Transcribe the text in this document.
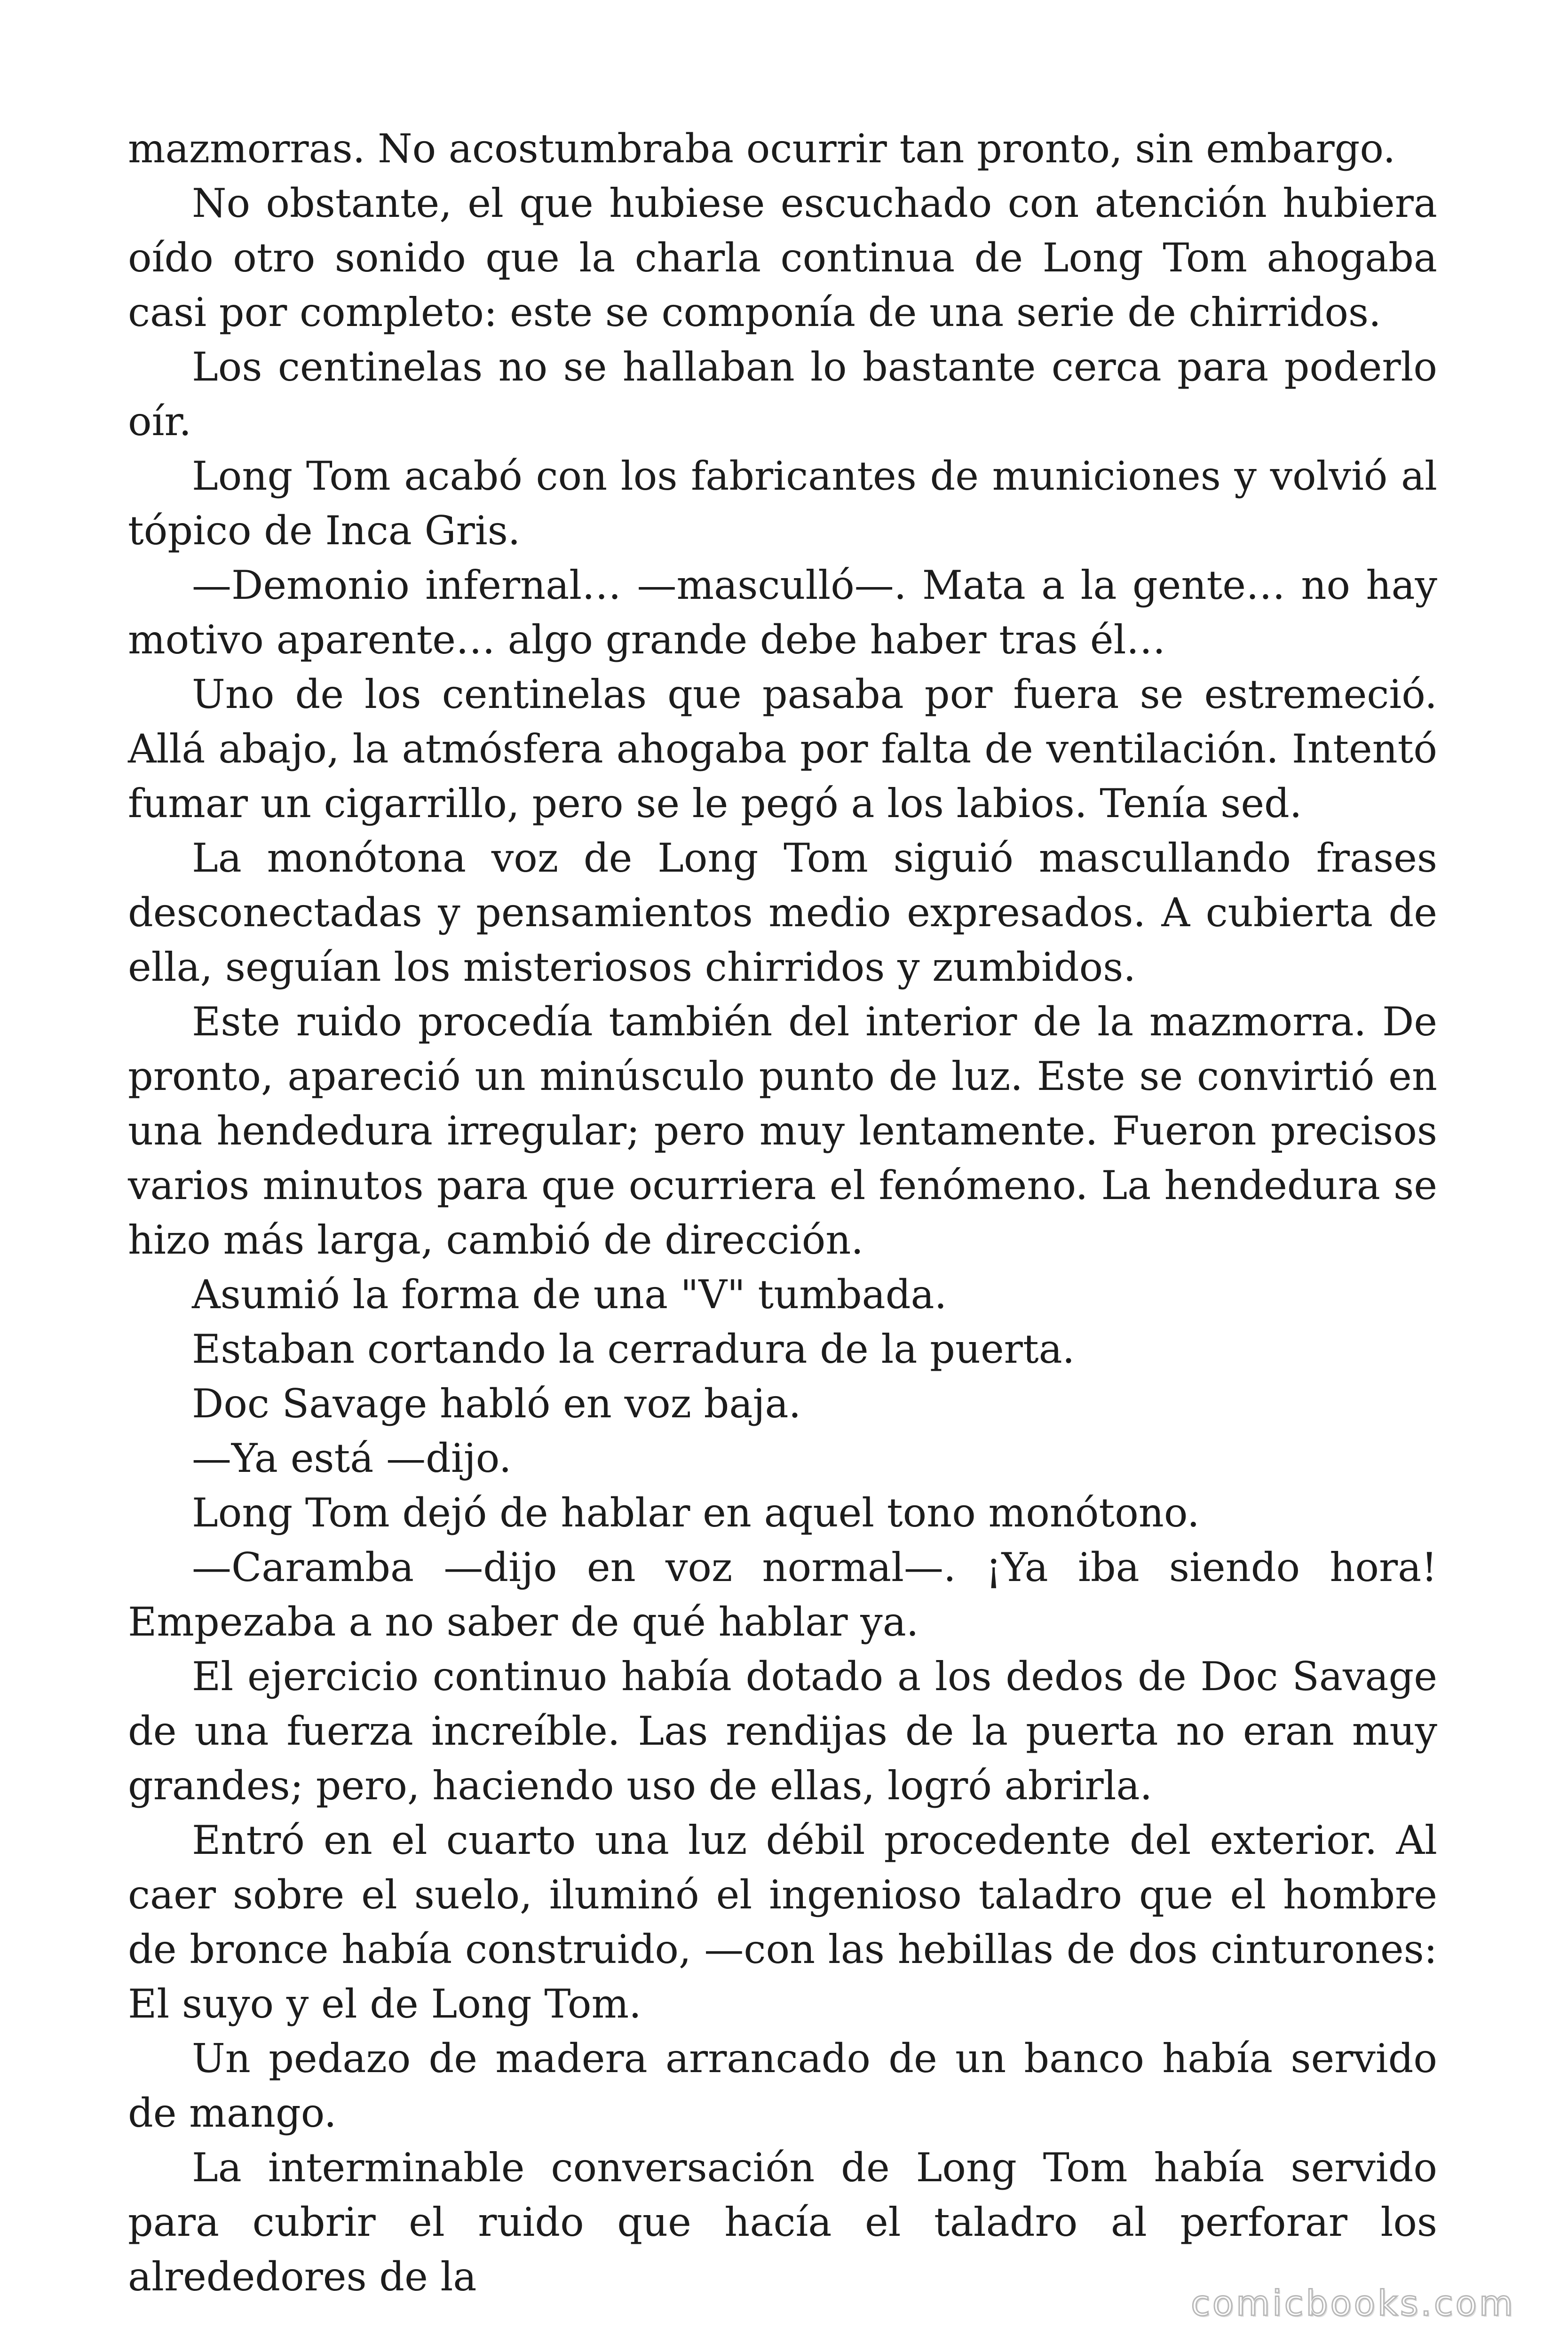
mazmorras. No acostumbraba ocurrir tan pronto, sin embargo.

No obstante, el que hubiese escuchado con atención hubiera oído otro sonido que la charla continua de Long Tom ahogaba casi por completo: este se componía de una serie de chirridos.

Los centinelas no se hallaban lo bastante cerca para poderlo oír.

Long Tom acabó con los fabricantes de municiones y volvió al tópico de Inca Gris.

—Demonio infernal… —mascullό—. Mata a la gente… no hay motivo aparente… algo grande debe haber tras él…

Uno de los centinelas que pasaba por fuera se estremeció. Allá abajo, la atmósfera ahogaba por falta de ventilación. Intentó fumar un cigarrillo, pero se le pegó a los labios. Tenía sed.

La monótona voz de Long Tom siguió mascullando frases desconectadas y pensamientos medio expresados. A cubierta de ella, seguían los misteriosos chirridos y zumbidos.

Este ruido procedía también del interior de la mazmorra. De pronto, apareció un minúsculo punto de luz. Este se convirtió en una hendedura irregular; pero muy lentamente. Fueron precisos varios minutos para que ocurriera el fenómeno. La hendedura se hizo más larga, cambió de dirección.

Asumió la forma de una "V" tumbada.

Estaban cortando la cerradura de la puerta.

Doc Savage habló en voz baja.

—Ya está —dijo.

Long Tom dejó de hablar en aquel tono monótono.

—Caramba —dijo en voz normal—. ¡Ya iba siendo hora! Empezaba a no saber de qué hablar ya.

El ejercicio continuo había dotado a los dedos de Doc Savage de una fuerza increíble. Las rendijas de la puerta no eran muy grandes; pero, haciendo uso de ellas, logró abrirla.

Entró en el cuarto una luz débil procedente del exterior. Al caer sobre el suelo, iluminó el ingenioso taladro que el hombre de bronce había construido, —con las hebillas de dos cinturones: El suyo y el de Long Tom.

Un pedazo de madera arrancado de un banco había servido de mango.

La interminable conversación de Long Tom había servido para cubrir el ruido que hacía el taladro al perforar los alrededores de la

comicbooks.com
